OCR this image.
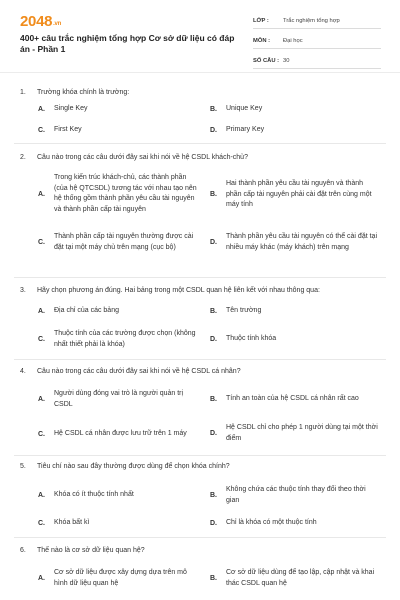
2048.vn
400+ câu trắc nghiệm tổng hợp Cơ sở dữ liệu có đáp án - Phần 1
LỚP :	Trắc nghiệm tổng hợp
MÔN :	Đại học
SỐ CÂU : 30
1. Trường khóa chính là trường:
A.	Single Key	B.	Unique Key
C.	First Key	D.	Primary Key
2. Câu nào trong các câu dưới đây sai khi nói về hệ CSDL khách-chủ?
A.
Trong kiến trúc khách-chủ, các thành phần (của hệ QTCSDL) tương tác với nhau tạo nên hệ thống gồm thành phần yêu cầu tài nguyên và thành phần cấp tài nguyên
B.
Hai thành phần yêu cầu tài nguyên và thành phần cấp tài nguyên phải cài đặt trên cùng một máy tính
C.
Thành phần cấp tài nguyên thường được cài đặt tại một máy chủ trên mạng (cục bộ)
D.
Thành phần yêu cầu tài nguyên có thể cài đặt tại nhiều máy khác (máy khách) trên mạng
3. Hãy chọn phương án đúng. Hai bảng trong một CSDL quan hệ liên kết với nhau thông qua:
A.	Địa chỉ của các bảng	B.	Tên trường
C.
Thuộc tính của các trường được chọn (không nhất thiết phải là khóa)
D.	Thuộc tính khóa
4. Câu nào trong các câu dưới đây sai khi nói về hệ CSDL cá nhân?
A.
Người dùng đóng vai trò là người quản trị CSDL
B.	Tính an toàn của hệ CSDL cá nhân rất cao
C.	Hệ CSDL cá nhân được lưu trữ trên 1 máy	D.
Hệ CSDL chỉ cho phép 1 người dùng tại một thời điểm
5. Tiêu chí nào sau đây thường được dùng để chọn khóa chính?
A.	Khóa có ít thuộc tính nhất	B.
Không chứa các thuộc tính thay đổi theo thời gian
C.	Khóa bất kì	D.	Chỉ là khóa có một thuộc tính
6. Thế nào là cơ sở dữ liệu quan hệ?
A.
Cơ sở dữ liệu được xây dựng dựa trên mô hình dữ liệu quan hệ
B.
Cơ sở dữ liệu dùng để tạo lập, cập nhật và khai thác CSDL quan hệ
